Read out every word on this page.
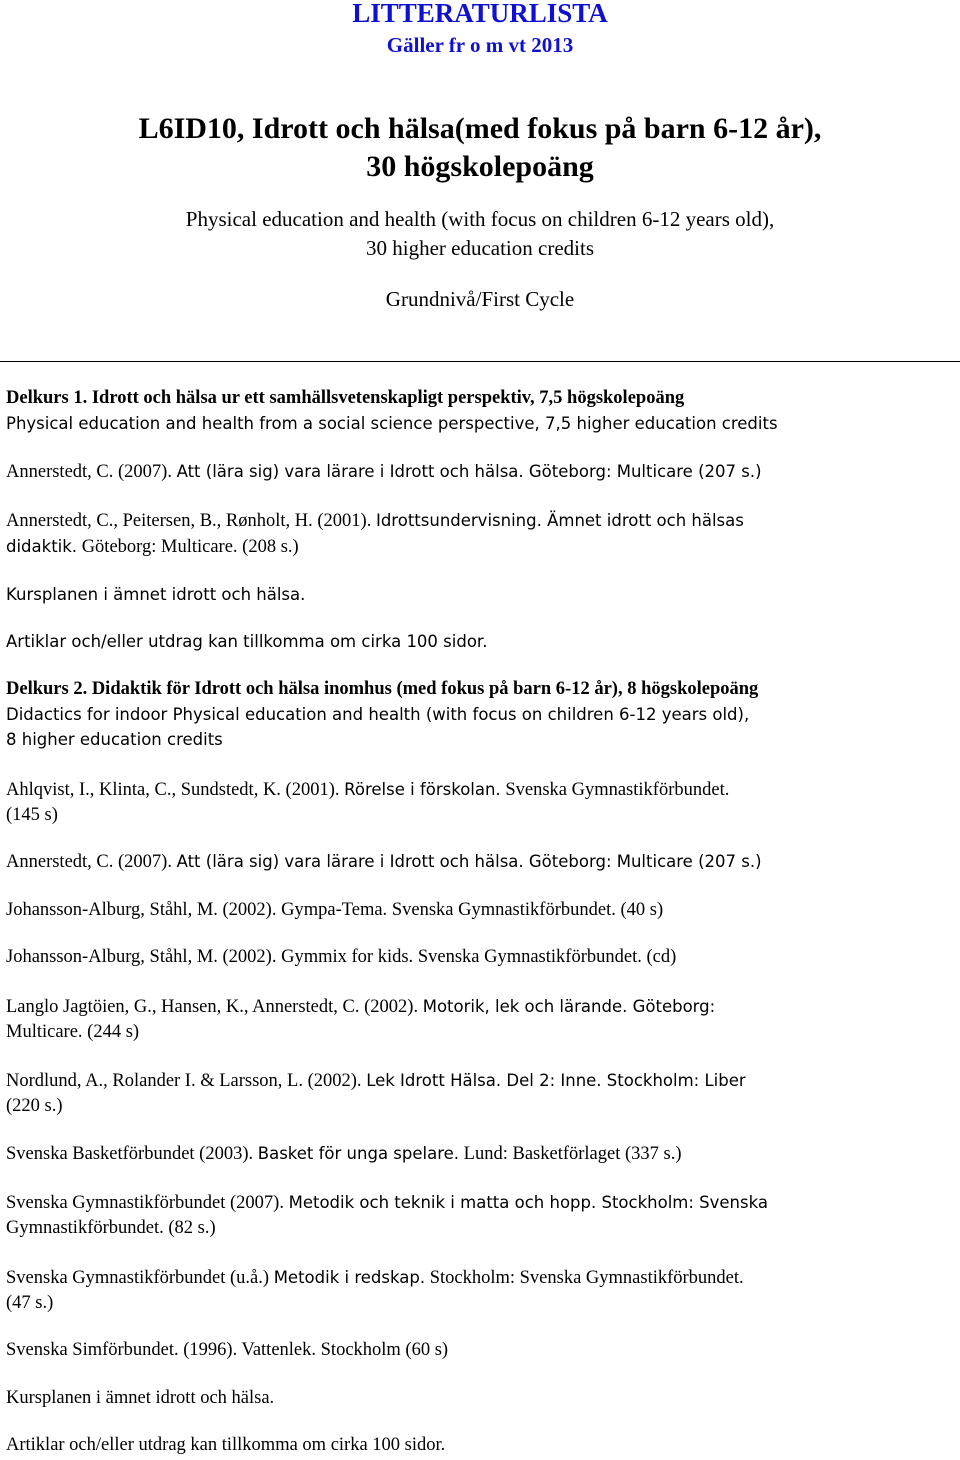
LITTERATURLISTA
Gäller fr o m vt 2013
L6ID10, Idrott och hälsa(med fokus på barn 6-12 år),
30 högskolepoäng
Physical education and health (with focus on children 6-12 years old),
30 higher education credits
Grundnivå/First Cycle
Delkurs 1. Idrott och hälsa ur ett samhällsvetenskapligt perspektiv, 7,5 högskolepoäng
Physical education and health from a social science perspective, 7,5 higher education credits
Annerstedt, C. (2007). Att (lära sig) vara lärare i Idrott och hälsa. Göteborg: Multicare (207 s.)
Annerstedt, C., Peitersen, B., Rønholt, H. (2001). Idrottsundervisning. Ämnet idrott och hälsas
didaktik. Göteborg: Multicare. (208 s.)
Kursplanen i ämnet idrott och hälsa.
Artiklar och/eller utdrag kan tillkomma om cirka 100 sidor.
Delkurs 2. Didaktik för Idrott och hälsa inomhus (med fokus på barn 6-12 år), 8 högskolepoäng
Didactics for indoor Physical education and health (with focus on children 6-12 years old),
8 higher education credits
Ahlqvist, I., Klinta, C., Sundstedt, K. (2001). Rörelse i förskolan. Svenska Gymnastikförbundet.
(145 s)
Annerstedt, C. (2007). Att (lära sig) vara lärare i Idrott och hälsa. Göteborg: Multicare (207 s.)
Johansson-Alburg, Ståhl, M. (2002). Gympa-Tema. Svenska Gymnastikförbundet. (40 s)
Johansson-Alburg, Ståhl, M. (2002). Gymmix for kids. Svenska Gymnastikförbundet. (cd)
Langlo Jagtöien, G., Hansen, K., Annerstedt, C. (2002). Motorik, lek och lärande. Göteborg:
Multicare. (244 s)
Nordlund, A., Rolander I. & Larsson, L. (2002). Lek Idrott Hälsa. Del 2: Inne. Stockholm: Liber
(220 s.)
Svenska Basketförbundet (2003). Basket för unga spelare. Lund: Basketförlaget (337 s.)
Svenska Gymnastikförbundet (2007). Metodik och teknik i matta och hopp. Stockholm: Svenska
Gymnastikförbundet. (82 s.)
Svenska Gymnastikförbundet (u.å.) Metodik i redskap. Stockholm: Svenska Gymnastikförbundet.
(47 s.)
Svenska Simförbundet. (1996). Vattenlek. Stockholm (60 s)
Kursplanen i ämnet idrott och hälsa.
Artiklar och/eller utdrag kan tillkomma om cirka 100 sidor.
